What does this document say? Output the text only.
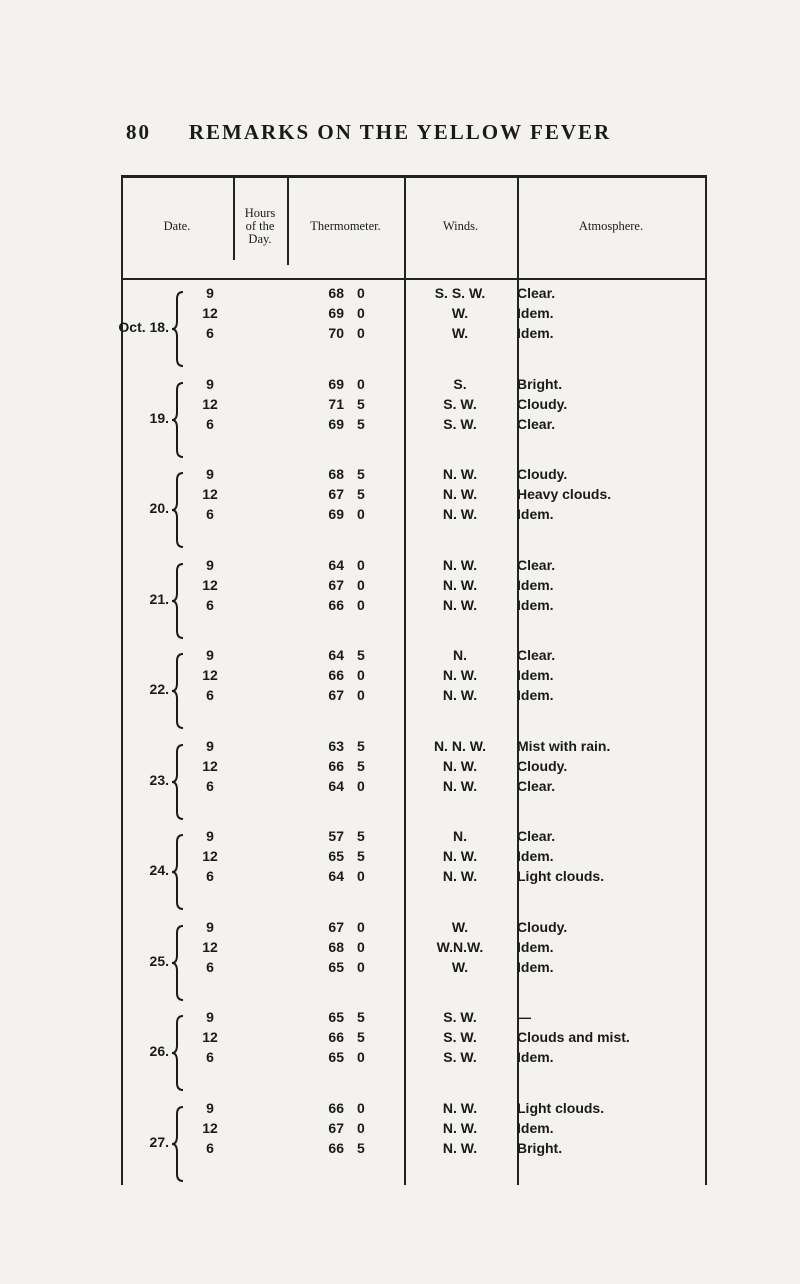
80 REMARKS ON THE YELLOW FEVER
Date.
Hours
of the
Day.
Thermometer.	Winds.	Atmosphere.
Oct. 18.
9	68 0	S. S. W.	Clear.
12	69 0	W.	Idem.
6	70 0	W.	Idem.
19.
9	69 0	S.	Bright.
12	71 5	S. W.	Cloudy.
6	69 5	S. W.	Clear.
20.
9	68 5	N. W.	Cloudy.
12	67 5	N. W.	Heavy clouds.
6	69 0	N. W.	Idem.
21.
9	64 0	N. W.	Clear.
12	67 0	N. W.	Idem.
6	66 0	N. W.	Idem.
22.
9	64 5	N.	Clear.
12	66 0	N. W.	Idem.
6	67 0	N. W.	Idem.
23.
9	63 5	N. N. W.	Mist with rain.
12	66 5	N. W.	Cloudy.
6	64 0	N. W.	Clear.
24.
9	57 5	N.	Clear.
12	65 5	N. W.	Idem.
6	64 0	N. W.	Light clouds.
25.
9	67 0	W.	Cloudy.
12	68 0	W.N.W.	Idem.
6	65 0	W.	Idem.
26.
9	65 5	S. W.	—
12	66 5	S. W.	Clouds and mist.
6	65 0	S. W.	Idem.
27.
9	66 0	N. W.	Light clouds.
12	67 0	N. W.	Idem.
6	66 5	N. W.	Bright.
